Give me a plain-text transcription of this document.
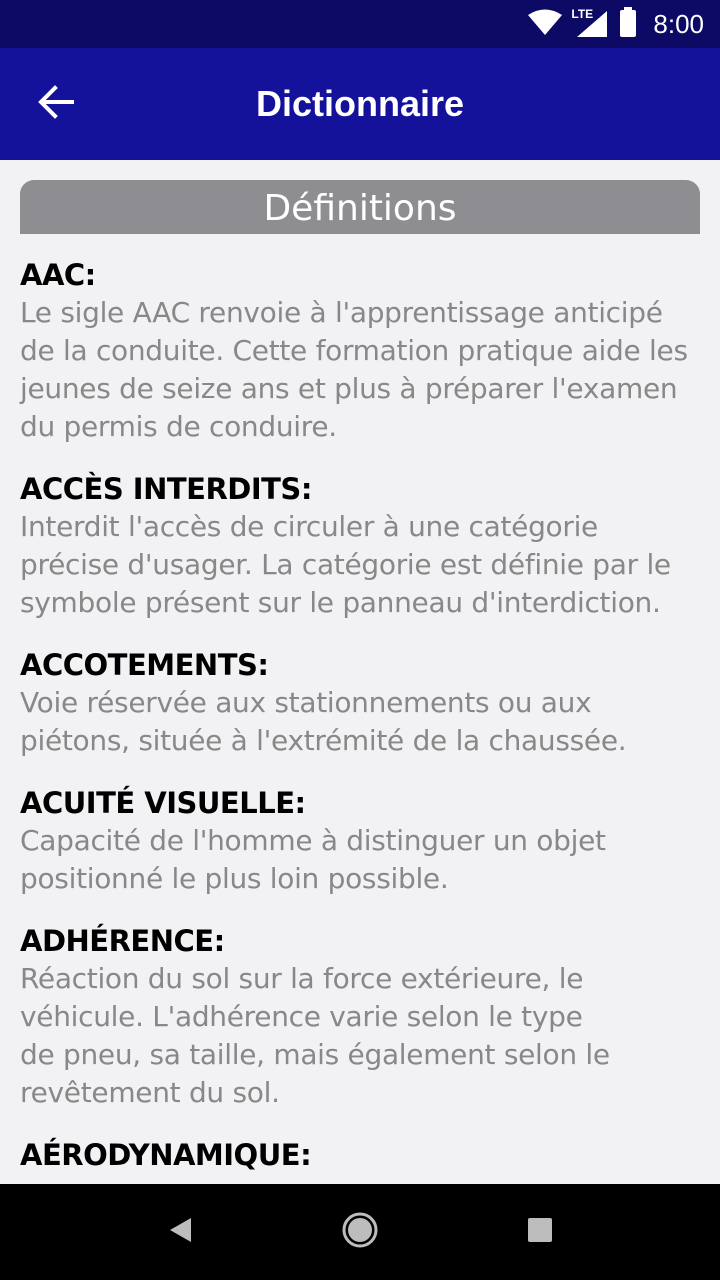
LTE 8:00
Dictionnaire
Définitions
AAC:
Le sigle AAC renvoie à l'apprentissage anticipé
de la conduite. Cette formation pratique aide les
jeunes de seize ans et plus à préparer l'examen
du permis de conduire.
ACCÈS INTERDITS:
Interdit l'accès de circuler à une catégorie
précise d'usager. La catégorie est définie par le
symbole présent sur le panneau d'interdiction.
ACCOTEMENTS:
Voie réservée aux stationnements ou aux
piétons, située à l'extrémité de la chaussée.
ACUITÉ VISUELLE:
Capacité de l'homme à distinguer un objet
positionné le plus loin possible.
ADHÉRENCE:
Réaction du sol sur la force extérieure, le
véhicule. L'adhérence varie selon le type
de pneu, sa taille, mais également selon le
revêtement du sol.
AÉRODYNAMIQUE:
